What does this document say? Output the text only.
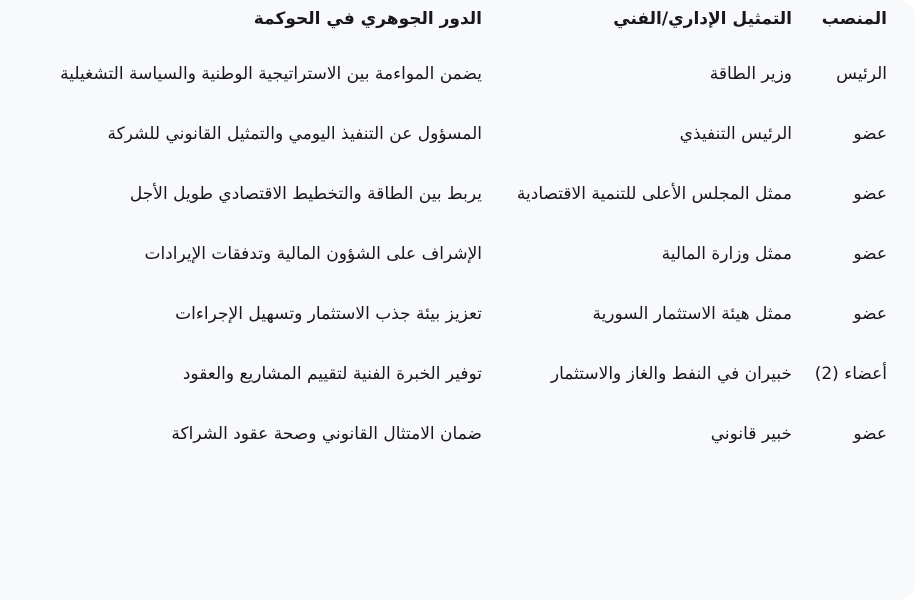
المنصب	التمثيل الإداري/الفني	الدور الجوهري في الحوكمة
الرئيس	وزير الطاقة	يضمن المواءمة بين الاستراتيجية الوطنية والسياسة التشغيلية
عضو	الرئيس التنفيذي	المسؤول عن التنفيذ اليومي والتمثيل القانوني للشركة
عضو	ممثل المجلس الأعلى للتنمية الاقتصادية	يربط بين الطاقة والتخطيط الاقتصادي طويل الأجل
عضو	ممثل وزارة المالية	الإشراف على الشؤون المالية وتدفقات الإيرادات
عضو	ممثل هيئة الاستثمار السورية	تعزيز بيئة جذب الاستثمار وتسهيل الإجراءات
أعضاء (2)	خبيران في النفط والغاز والاستثمار	توفير الخبرة الفنية لتقييم المشاريع والعقود
عضو	خبير قانوني	ضمان الامتثال القانوني وصحة عقود الشراكة
